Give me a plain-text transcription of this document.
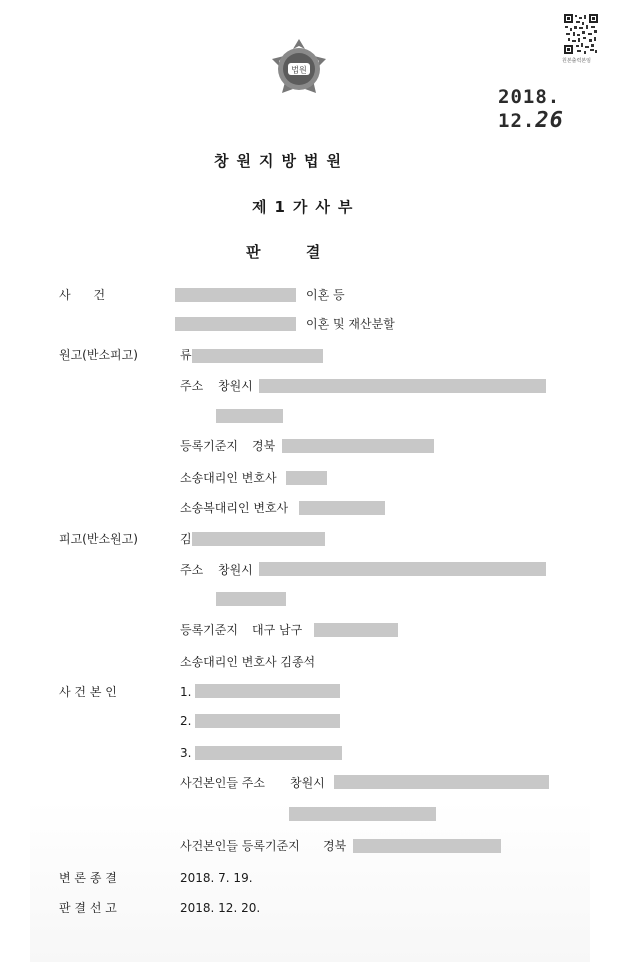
법원
원본출력본임
2018. 12.26
창원지방법원
제1가사부
판      결
사      건	이혼 등
이혼 및 재산분할
원고(반소피고)	류
주소 창원시
등록기준지 경북
소송대리인 변호사
소송복대리인 변호사
피고(반소원고)	김
주소 창원시
등록기준지 대구 남구
소송대리인 변호사 김종석
사 건 본 인	1.
2.
3.
사건본인들 주소 창원시
사건본인들 등록기준지 경북
변 론 종 결	2018. 7. 19.
판 결 선 고	2018. 12. 20.
